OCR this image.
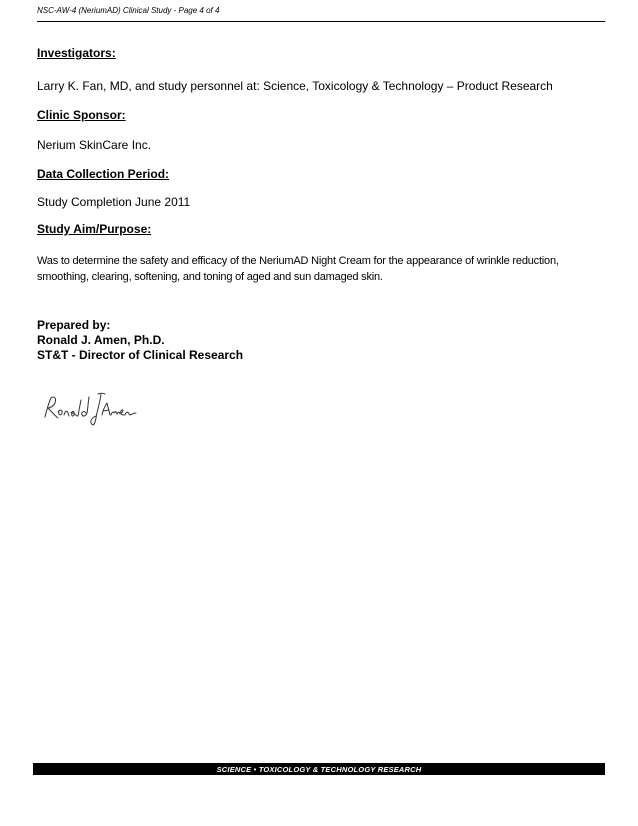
NSC-AW-4 (NeriumAD) Clinical Study - Page 4 of 4
Investigators:
Larry K. Fan, MD, and study personnel at: Science, Toxicology & Technology – Product Research
Clinic Sponsor:
Nerium SkinCare Inc.
Data Collection Period:
Study Completion June 2011
Study Aim/Purpose:
Was to determine the safety and efficacy of the NeriumAD Night Cream for the appearance of wrinkle reduction, smoothing, clearing, softening, and toning of aged and sun damaged skin.
Prepared by:
Ronald J. Amen, Ph.D.
ST&T - Director of Clinical Research
SCIENCE • TOXICOLOGY & TECHNOLOGY RESEARCH
